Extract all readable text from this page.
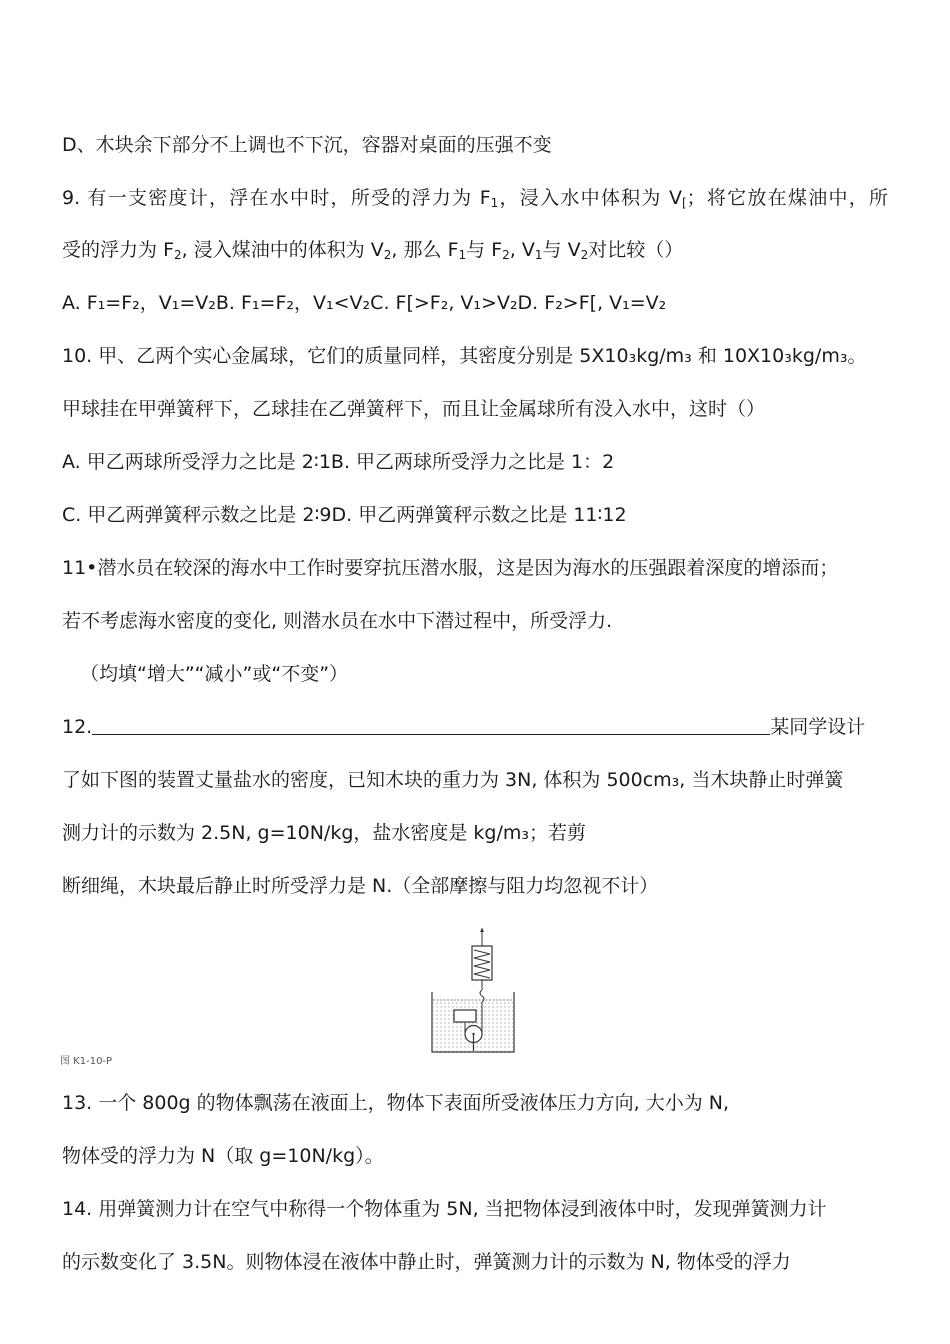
D、木块余下部分不上调也不下沉，容器对桌面的压强不变
9. 有一支密度计，浮在水中时，所受的浮力为 $F_1$，浸入水中体积为 $V_[$；将它放在煤油中，所
受的浮力为 $F_2$, 浸入煤油中的体积为 $V_2$, 那么 $F_1$与 $F_2$, $V_1$与 $V_2$对比较（）
A. F₁=F₂，V₁=V₂B. F₁=F₂，V₁<V₂C. F[>F₂, V₁>V₂D. F₂>F[, V₁=V₂
10. 甲、乙两个实心金属球，它们的质量同样，其密度分别是 5X10₃kg/m₃ 和 10X10₃kg/m₃。
甲球挂在甲弹簧秤下，乙球挂在乙弹簧秤下，而且让金属球所有没入水中，这时（）
A. 甲乙两球所受浮力之比是 2∶1B. 甲乙两球所受浮力之比是 1：2
C. 甲乙两弹簧秤示数之比是 2∶9D. 甲乙两弹簧秤示数之比是 11∶12
11•潜水员在较深的海水中工作时要穿抗压潜水服，这是因为海水的压强跟着深度的增添而；
若不考虑海水密度的变化, 则潜水员在水中下潜过程中，所受浮力.
（均填“增大”“减小”或“不变”）
12.	某同学设计
了如下图的装置丈量盐水的密度，已知木块的重力为 3N, 体积为 500cm₃, 当木块静止时弹簧
测力计的示数为 2.5N, g=10N/kg，盐水密度是 kg/m₃；若剪
断细绳，木块最后静止时所受浮力是 N.（全部摩擦与阻力均忽视不计）
图 K1-10-P
13. 一个 800g 的物体飘荡在液面上，物体下表面所受液体压力方向, 大小为 N,
物体受的浮力为 N（取 g=10N/kg）。
14. 用弹簧测力计在空气中称得一个物体重为 5N, 当把物体浸到液体中时，发现弹簧测力计
的示数变化了 3.5N。则物体浸在液体中静止时，弹簧测力计的示数为 N, 物体受的浮力
